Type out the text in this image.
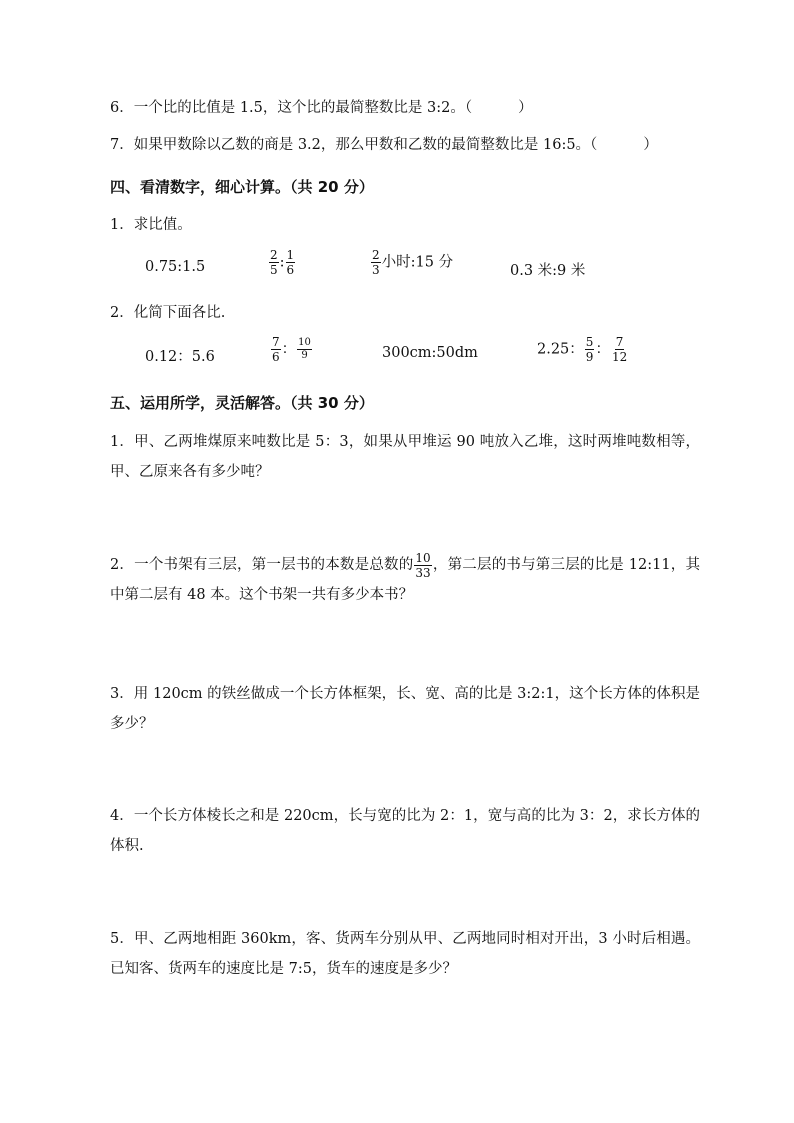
6．一个比的比值是 1.5，这个比的最简整数比是 3:2。（	）
7．如果甲数除以乙数的商是 3.2，那么甲数和乙数的最简整数比是 16:5。（	）
四、看清数字，细心计算。（共 20 分）
1．求比值。
0.75:1.5	$\frac{2}{5}$ : $\frac{1}{6}$	$\frac{2}{3}$ 小时:15 分
0.3 米:9 米
2．化简下面各比.
0.12：5.6	$\frac{7}{6}$ ： $\frac{10}{9}$	300cm:50dm	2.25： $\frac{5}{9}$ ： $\frac{7}{12}$
五、运用所学，灵活解答。（共 30 分）
1．甲、乙两堆煤原来吨数比是 5：3，如果从甲堆运 90 吨放入乙堆，这时两堆吨数相等，甲、乙原来各有多少吨？
2．一个书架有三层，第一层书的本数是总数的 $\frac{10}{33}$ ，第二层的书与第三层的比是 12:11，其中第二层有 48 本。这个书架一共有多少本书？
3．用 120cm 的铁丝做成一个长方体框架，长、宽、高的比是 3:2:1，这个长方体的体积是多少？
4．一个长方体棱长之和是 220cm，长与宽的比为 2：1，宽与高的比为 3：2，求长方体的体积.
5．甲、乙两地相距 360km，客、货两车分别从甲、乙两地同时相对开出，3 小时后相遇。已知客、货两车的速度比是 7:5，货车的速度是多少？
